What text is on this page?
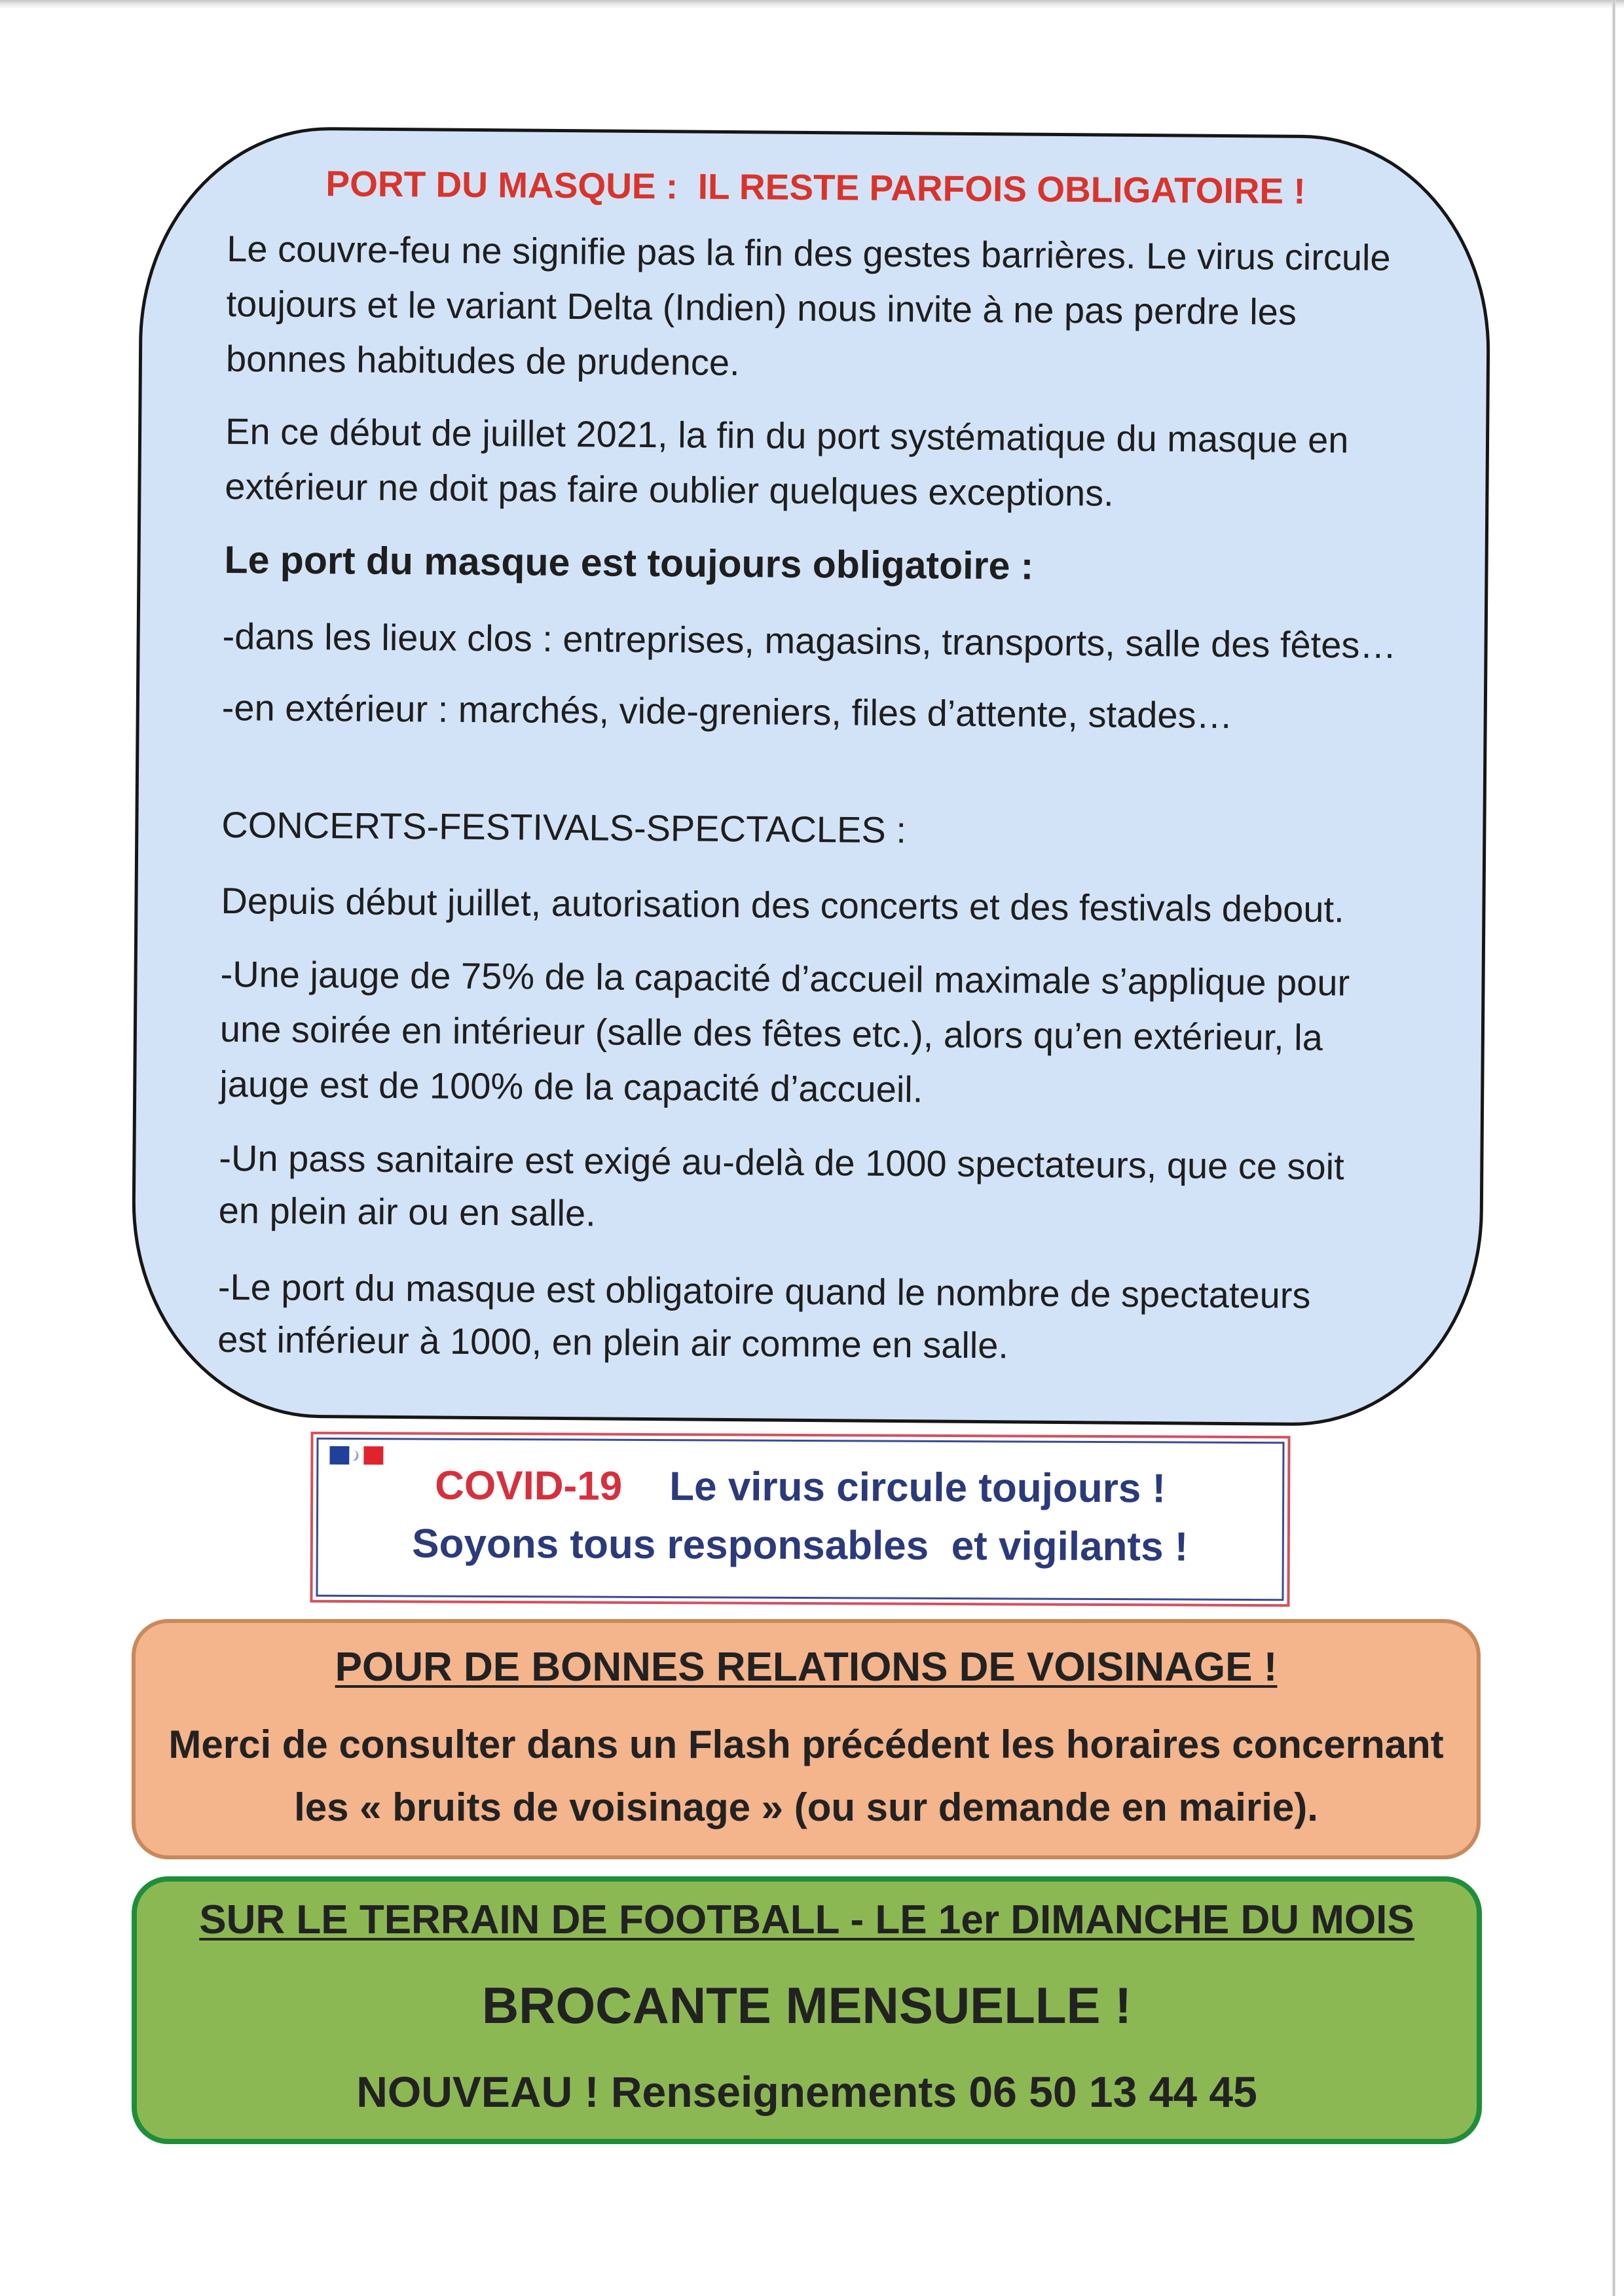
PORT DU MASQUE :  IL RESTE PARFOIS OBLIGATOIRE !
Le couvre-feu ne signifie pas la fin des gestes barrières. Le virus circule
toujours et le variant Delta (Indien) nous invite à ne pas perdre les
bonnes habitudes de prudence.
En ce début de juillet 2021, la fin du port systématique du masque en
extérieur ne doit pas faire oublier quelques exceptions.
Le port du masque est toujours obligatoire :
-dans les lieux clos : entreprises, magasins, transports, salle des fêtes…
-en extérieur : marchés, vide-greniers, files d’attente, stades…
CONCERTS-FESTIVALS-SPECTACLES :
Depuis début juillet, autorisation des concerts et des festivals debout.
-Une jauge de 75% de la capacité d’accueil maximale s’applique pour
une soirée en intérieur (salle des fêtes etc.), alors qu’en extérieur, la
jauge est de 100% de la capacité d’accueil.
-Un pass sanitaire est exigé au-delà de 1000 spectateurs, que ce soit
en plein air ou en salle.
-Le port du masque est obligatoire quand le nombre de spectateurs
est inférieur à 1000, en plein air comme en salle.
COVID-19 Le virus circule toujours !
Soyons tous responsables  et vigilants !
POUR DE BONNES RELATIONS DE VOISINAGE !
Merci de consulter dans un Flash précédent les horaires concernant
les « bruits de voisinage » (ou sur demande en mairie).
SUR LE TERRAIN DE FOOTBALL - LE 1er DIMANCHE DU MOIS
BROCANTE MENSUELLE !
NOUVEAU ! Renseignements 06 50 13 44 45
